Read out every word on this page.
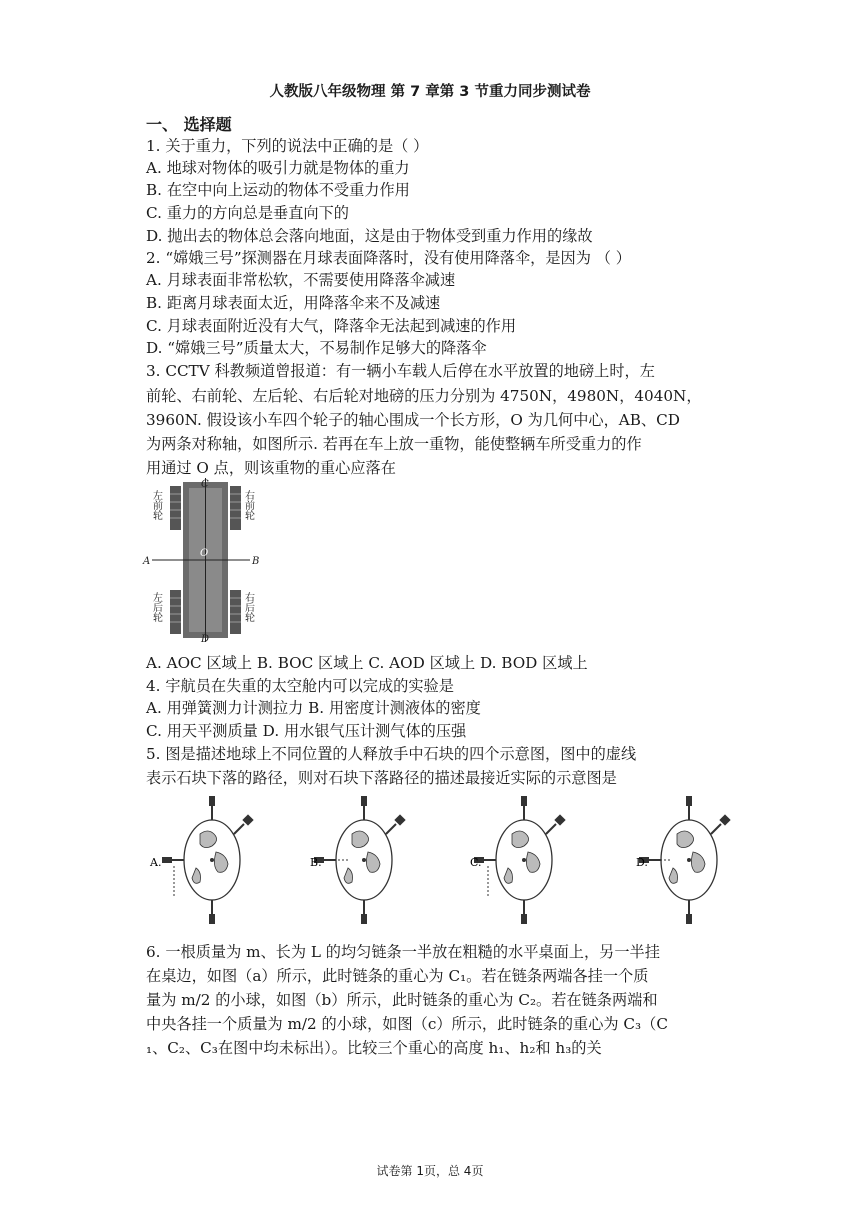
人教版八年级物理 第 7 章第 3 节重力同步测试卷
一、 选择题
1. 关于重力，下列的说法中正确的是（ ）
A. 地球对物体的吸引力就是物体的重力
B. 在空中向上运动的物体不受重力作用
C. 重力的方向总是垂直向下的
D. 抛出去的物体总会落向地面，这是由于物体受到重力作用的缘故
2. “嫦娥三号”探测器在月球表面降落时，没有使用降落伞，是因为 （ ）
A. 月球表面非常松软，不需要使用降落伞减速
B. 距离月球表面太近，用降落伞来不及减速
C. 月球表面附近没有大气，降落伞无法起到减速的作用
D. “嫦娥三号”质量太大，不易制作足够大的降落伞
3. CCTV 科教频道曾报道：有一辆小车载人后停在水平放置的地磅上时，左
前轮、右前轮、左后轮、右后轮对地磅的压力分别为 4750N，4980N，4040N，
3960N. 假设该小车四个轮子的轴心围成一个长方形，O 为几何中心，AB、CD
为两条对称轴，如图所示. 若再在车上放一重物，能使整辆车所受重力的作
用通过 O 点，则该重物的重心应落在
C
D
A	B
O
左前轮	右前轮
左后轮	右后轮
A. AOC 区域上 B. BOC 区域上 C. AOD 区域上 D. BOD 区域上
4. 宇航员在失重的太空舱内可以完成的实验是
A. 用弹簧测力计测拉力 B. 用密度计测液体的密度
C. 用天平测质量 D. 用水银气压计测气体的压强
5. 图是描述地球上不同位置的人释放手中石块的四个示意图，图中的虚线
表示石块下落的路径，则对石块下落路径的描述最接近实际的示意图是
A.	B.	C.	D.
6. 一根质量为 m、长为 L 的均匀链条一半放在粗糙的水平桌面上，另一半挂
在桌边，如图（a）所示，此时链条的重心为 C₁。若在链条两端各挂一个质
量为 m/2 的小球，如图（b）所示，此时链条的重心为 C₂。若在链条两端和
中央各挂一个质量为 m/2 的小球，如图（c）所示，此时链条的重心为 C₃（C
₁、C₂、C₃在图中均未标出）。比较三个重心的高度 h₁、h₂和 h₃的关
试卷第 1页，总 4页
